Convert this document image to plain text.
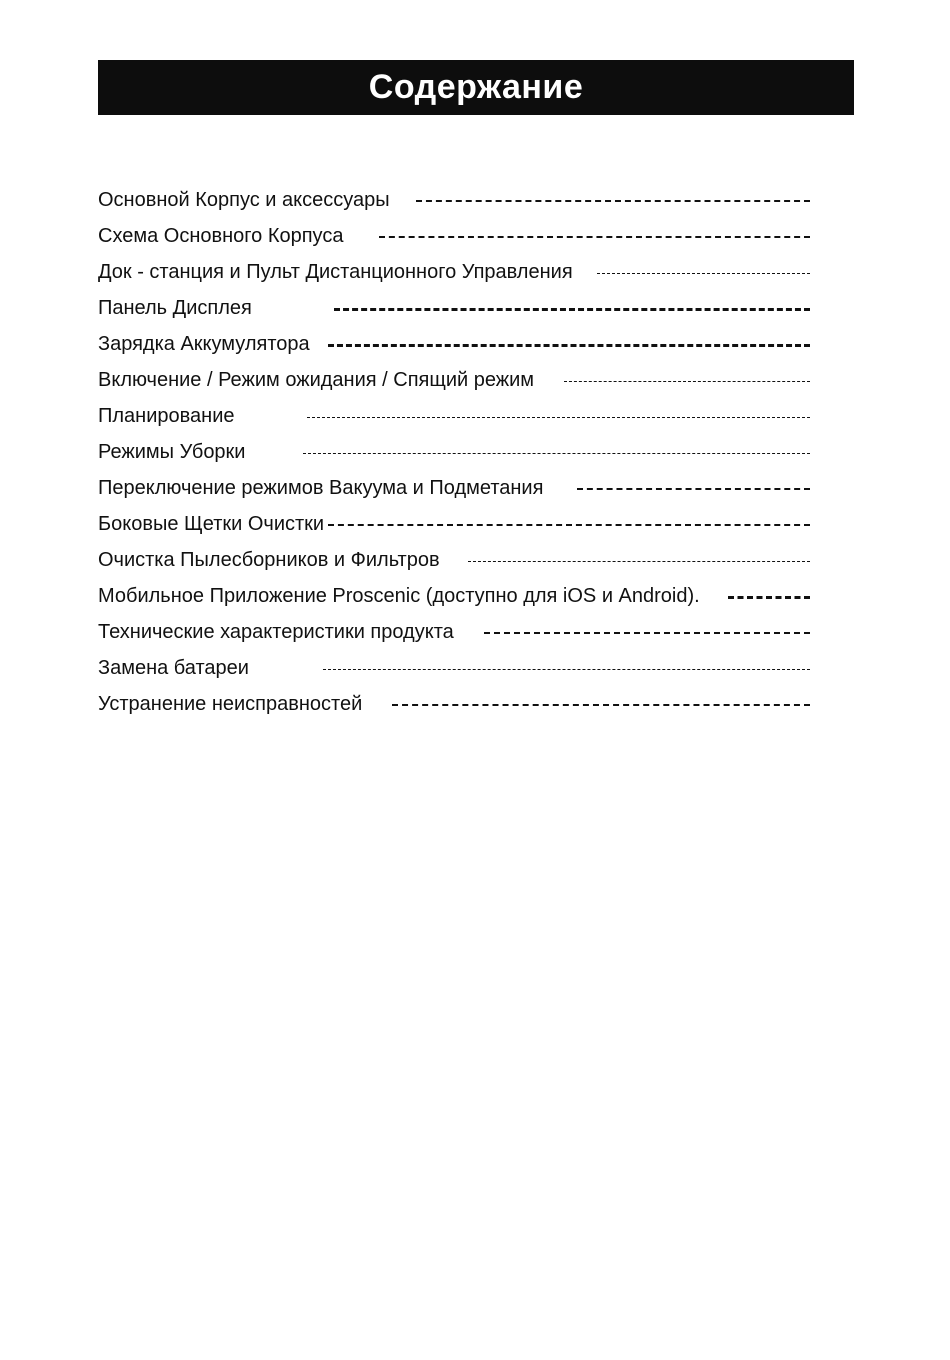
Содержание
Основной Корпус и аксессуары
Схема Основного Корпуса
Док - станция и Пульт Дистанционного Управления
Панель Дисплея
Зарядка Аккумулятора
Включение / Режим ожидания / Спящий режим
Планирование
Режимы Уборки
Переключение режимов Вакуума и Подметания
Боковые Щетки Очистки
Очистка Пылесборников и Фильтров
Мобильное Приложение Proscenic (доступно для iOS и Android).
Технические характеристики продукта
Замена батареи
Устранение неисправностей
